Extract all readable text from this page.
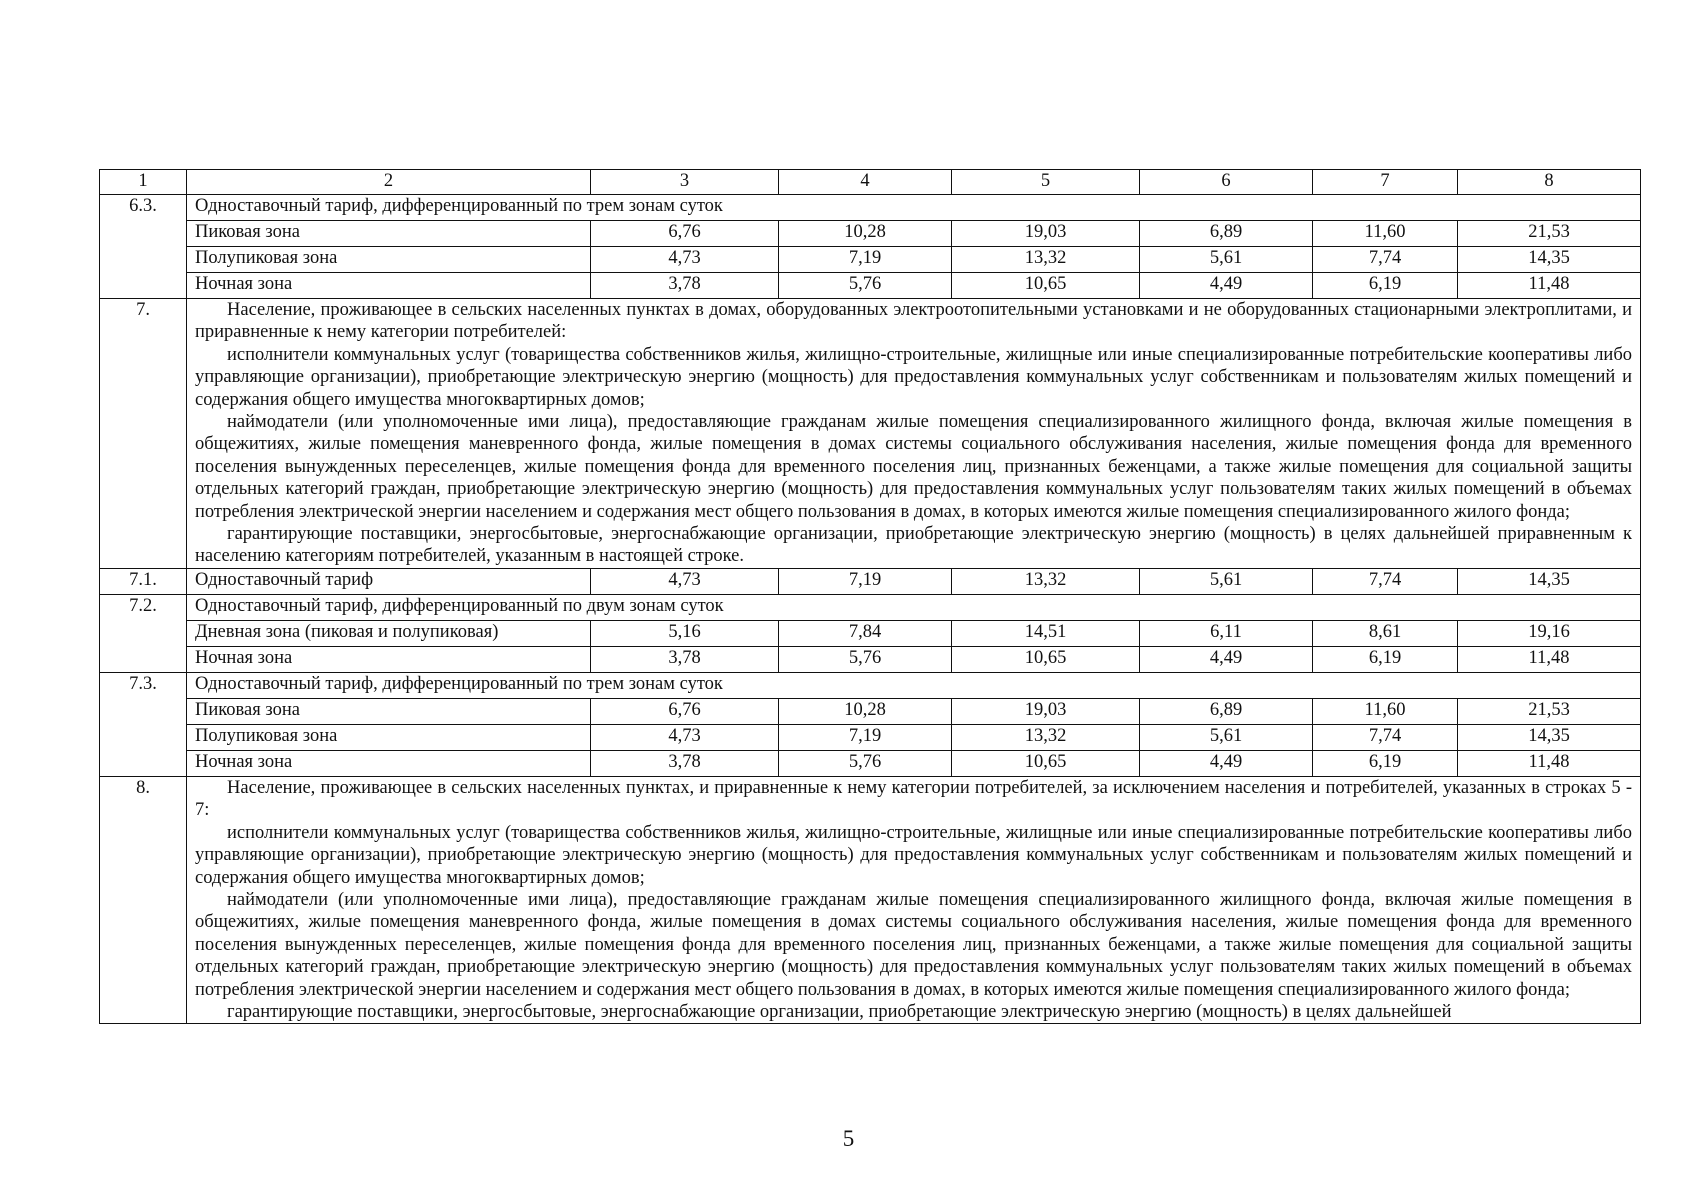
1	2	3	4	5	6	7	8
6.3.	Одноставочный тариф, дифференцированный по трем зонам суток						
	Пиковая зона	6,76	10,28	19,03	6,89	11,60	21,53
	Полупиковая зона	4,73	7,19	13,32	5,61	7,74	14,35
	Ночная зона	3,78	5,76	10,65	4,49	6,19	11,48
7.	Население, проживающее в сельских населенных пунктах в домах, оборудованных электроотопительными установками и не оборудованных стационарными электроплитами, и приравненные к нему категории потребителей:

исполнители коммунальных услуг (товарищества собственников жилья, жилищно-строительные, жилищные или иные специализированные потребительские кооперативы либо управляющие организации), приобретающие электрическую энергию (мощность) для предоставления коммунальных услуг собственникам и пользователям жилых помещений и содержания общего имущества многоквартирных домов;

наймодатели (или уполномоченные ими лица), предоставляющие гражданам жилые помещения специализированного жилищного фонда, включая жилые помещения в общежитиях, жилые помещения маневренного фонда, жилые помещения в домах системы социального обслуживания населения, жилые помещения фонда для временного поселения вынужденных переселенцев, жилые помещения фонда для временного поселения лиц, признанных беженцами, а также жилые помещения для социальной защиты отдельных категорий граждан, приобретающие электрическую энергию (мощность) для предоставления коммунальных услуг пользователям таких жилых помещений в объемах потребления электрической энергии населением и содержания мест общего пользования в домах, в которых имеются жилые помещения специализированного жилого фонда;

гарантирующие поставщики, энергосбытовые, энергоснабжающие организации, приобретающие электрическую энергию (мощность) в целях дальнейшей приравненным к населению категориям потребителей, указанным в настоящей строке.						

7.1.	Одноставочный тариф	4,73	7,19	13,32	5,61	7,74	14,35
7.2.	Одноставочный тариф, дифференцированный по двум зонам суток						
	Дневная зона (пиковая и полупиковая)	5,16	7,84	14,51	6,11	8,61	19,16
	Ночная зона	3,78	5,76	10,65	4,49	6,19	11,48
7.3.	Одноставочный тариф, дифференцированный по трем зонам суток						
	Пиковая зона	6,76	10,28	19,03	6,89	11,60	21,53
	Полупиковая зона	4,73	7,19	13,32	5,61	7,74	14,35
	Ночная зона	3,78	5,76	10,65	4,49	6,19	11,48
8.	Население, проживающее в сельских населенных пунктах, и приравненные к нему категории потребителей, за исключением населения и потребителей, указанных в строках 5 - 7:

исполнители коммунальных услуг (товарищества собственников жилья, жилищно-строительные, жилищные или иные специализированные потребительские кооперативы либо управляющие организации), приобретающие электрическую энергию (мощность) для предоставления коммунальных услуг собственникам и пользователям жилых помещений и содержания общего имущества многоквартирных домов;

наймодатели (или уполномоченные ими лица), предоставляющие гражданам жилые помещения специализированного жилищного фонда, включая жилые помещения в общежитиях, жилые помещения маневренного фонда, жилые помещения в домах системы социального обслуживания населения, жилые помещения фонда для временного поселения вынужденных переселенцев, жилые помещения фонда для временного поселения лиц, признанных беженцами, а также жилые помещения для социальной защиты отдельных категорий граждан, приобретающие электрическую энергию (мощность) для предоставления коммунальных услуг пользователям таких жилых помещений в объемах потребления электрической энергии населением и содержания мест общего пользования в домах, в которых имеются жилые помещения специализированного жилого фонда;

гарантирующие поставщики, энергосбытовые, энергоснабжающие организации, приобретающие электрическую энергию (мощность) в целях дальнейшей						

5
